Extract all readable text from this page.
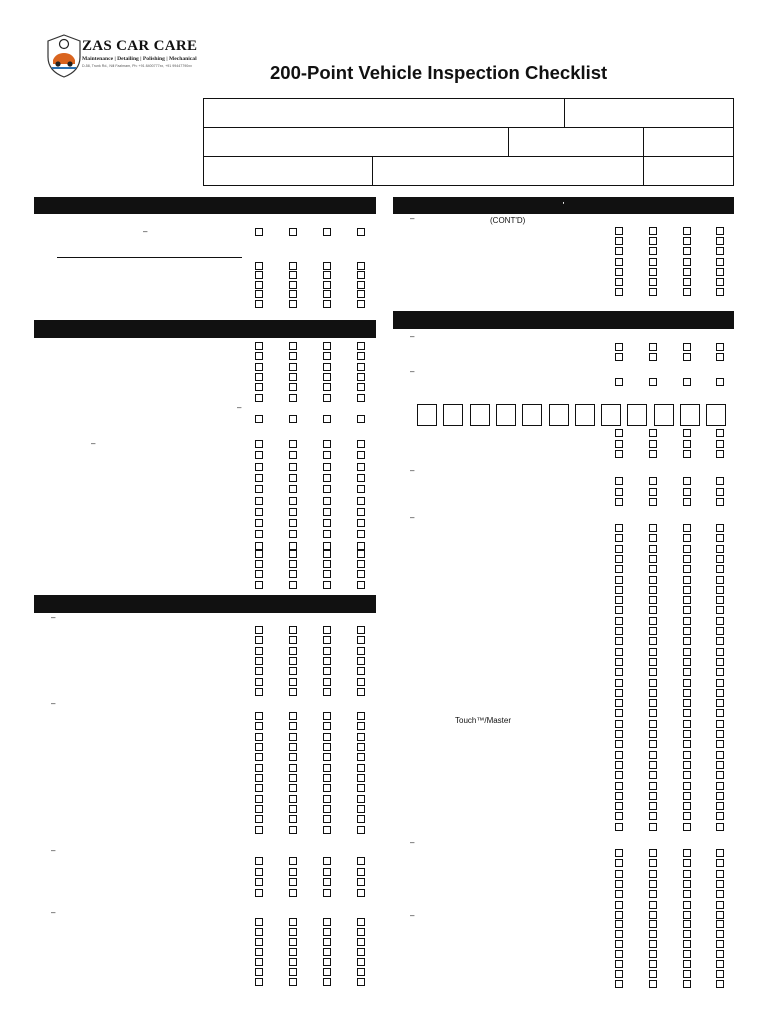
ZAS CAR CARE
Maintenance | Detailing | Polishing | Mechanical
D-58, Trunk Rd., Nill Fazlmam, Ph: +91 8400777xx, +91 99447790xx	200-Point Vehicle Inspection Checklist
'
(CONT'D)
Touch™/Master
–
–
–
–
–
–
–
–
–
–
–
–
–
–
